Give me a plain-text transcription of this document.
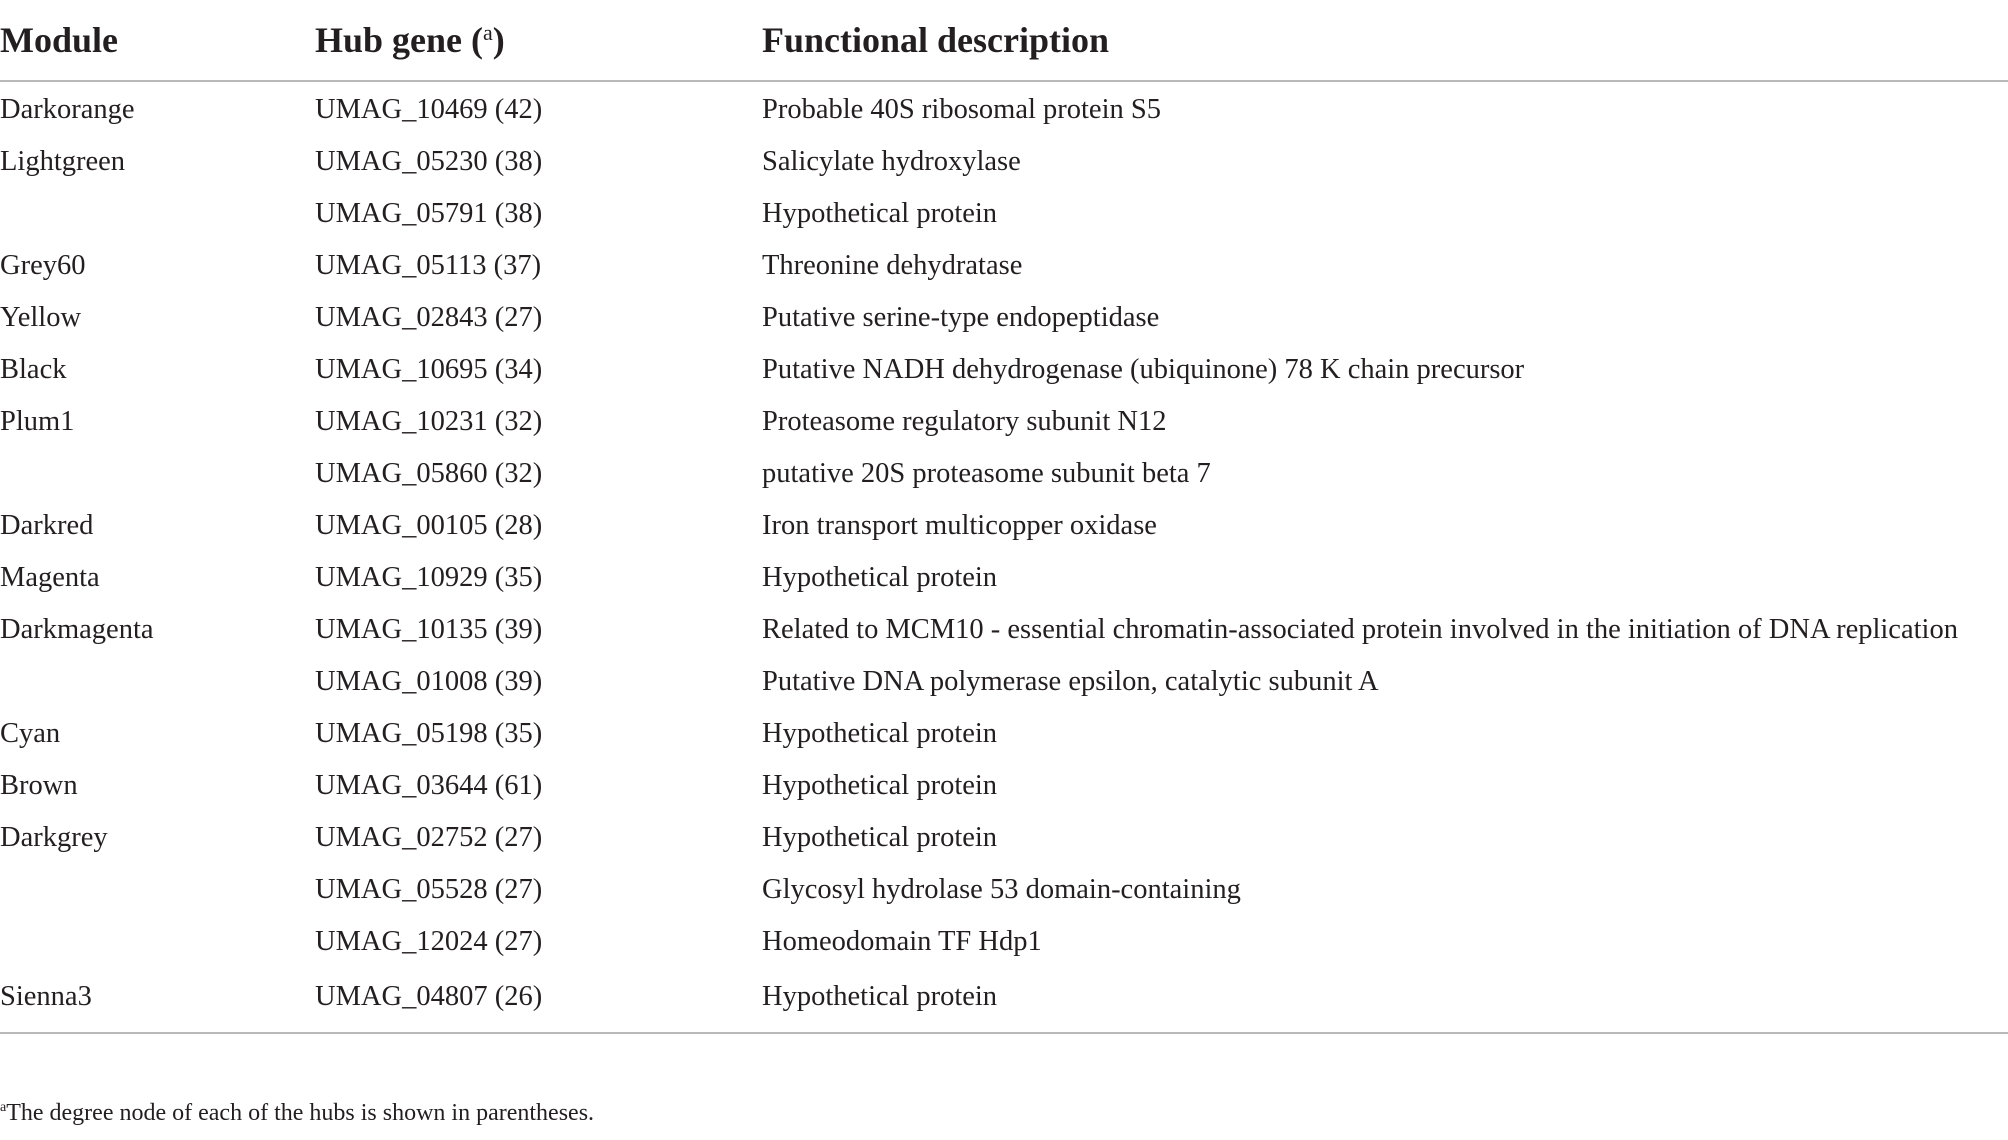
Module	Hub gene ($^a$)	Functional description
Darkorange	UMAG_10469 (42)	Probable 40S ribosomal protein S5
Lightgreen	UMAG_05230 (38)	Salicylate hydroxylase
	UMAG_05791 (38)	Hypothetical protein
Grey60	UMAG_05113 (37)	Threonine dehydratase
Yellow	UMAG_02843 (27)	Putative serine-type endopeptidase
Black	UMAG_10695 (34)	Putative NADH dehydrogenase (ubiquinone) 78 K chain precursor
Plum1	UMAG_10231 (32)	Proteasome regulatory subunit N12
	UMAG_05860 (32)	putative 20S proteasome subunit beta 7
Darkred	UMAG_00105 (28)	Iron transport multicopper oxidase
Magenta	UMAG_10929 (35)	Hypothetical protein
Darkmagenta	UMAG_10135 (39)	Related to MCM10 - essential chromatin-associated protein involved in the initiation of DNA replication
	UMAG_01008 (39)	Putative DNA polymerase epsilon, catalytic subunit A
Cyan	UMAG_05198 (35)	Hypothetical protein
Brown	UMAG_03644 (61)	Hypothetical protein
Darkgrey	UMAG_02752 (27)	Hypothetical protein
	UMAG_05528 (27)	Glycosyl hydrolase 53 domain-containing
	UMAG_12024 (27)	Homeodomain TF Hdp1
Sienna3	UMAG_04807 (26)	Hypothetical protein
$^a$The degree node of each of the hubs is shown in parentheses.
